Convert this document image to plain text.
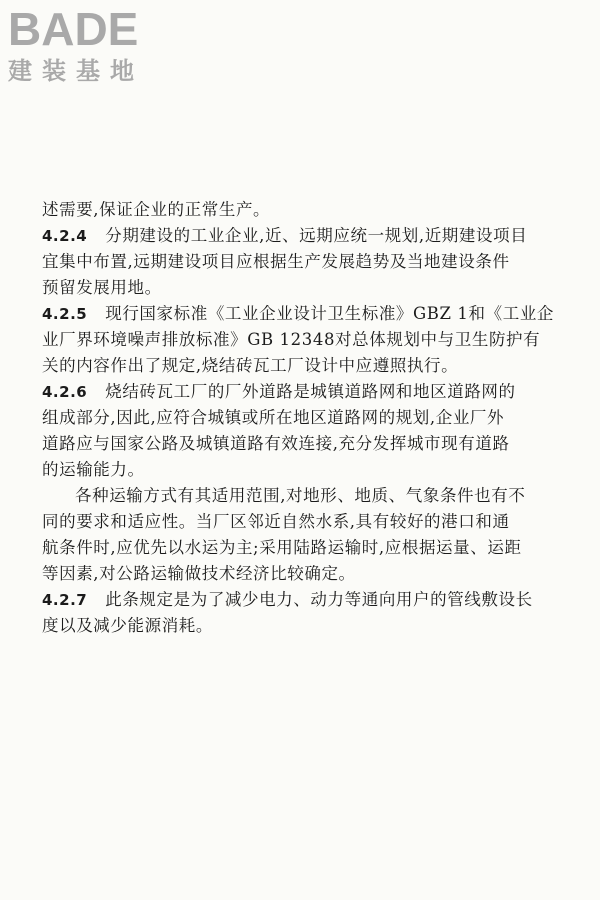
BADE
建装基地
述需要,保证企业的正常生产。
4.2.4 分期建设的工业企业,近、远期应统一规划,近期建设项目
宜集中布置,远期建设项目应根据生产发展趋势及当地建设条件
预留发展用地。
4.2.5 现行国家标准《工业企业设计卫生标准》GBZ 1和《工业企
业厂界环境噪声排放标准》GB 12348对总体规划中与卫生防护有
关的内容作出了规定,烧结砖瓦工厂设计中应遵照执行。
4.2.6 烧结砖瓦工厂的厂外道路是城镇道路网和地区道路网的
组成部分,因此,应符合城镇或所在地区道路网的规划,企业厂外
道路应与国家公路及城镇道路有效连接,充分发挥城市现有道路
的运输能力。
各种运输方式有其适用范围,对地形、地质、气象条件也有不
同的要求和适应性。当厂区邻近自然水系,具有较好的港口和通
航条件时,应优先以水运为主;采用陆路运输时,应根据运量、运距
等因素,对公路运输做技术经济比较确定。
4.2.7 此条规定是为了减少电力、动力等通向用户的管线敷设长
度以及减少能源消耗。
